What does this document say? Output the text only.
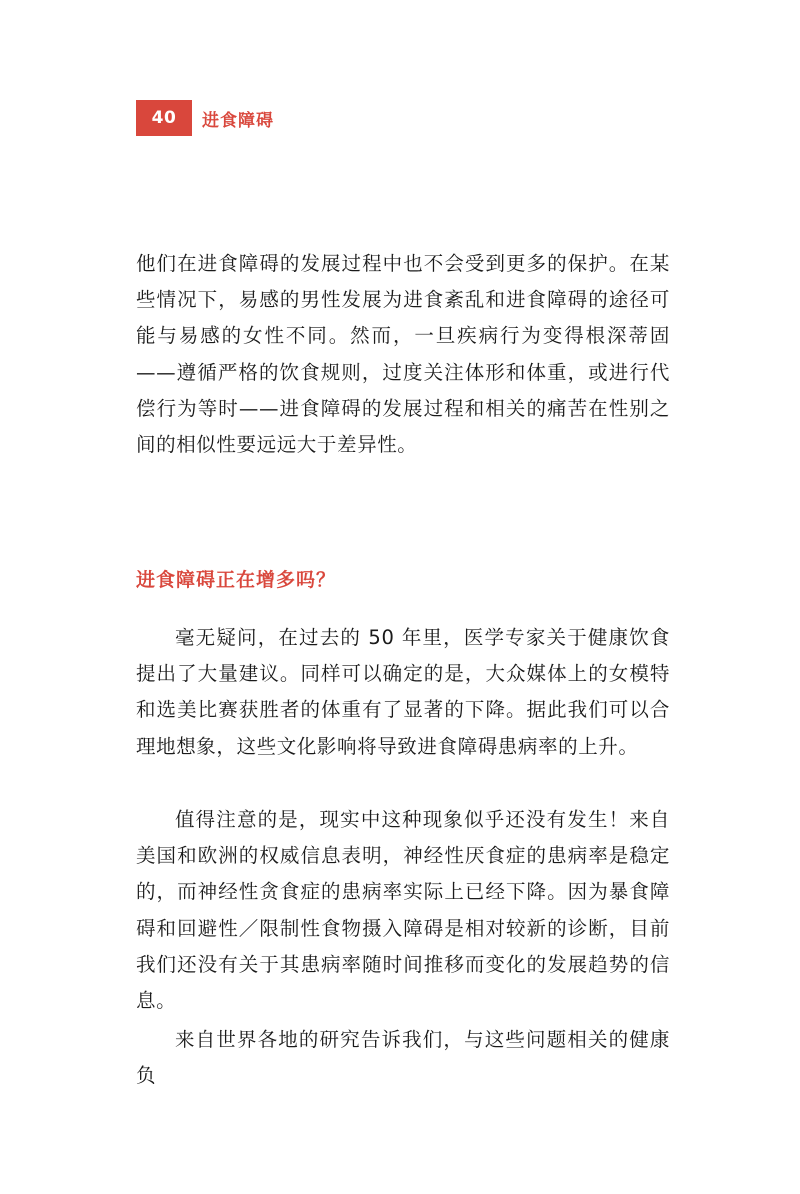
40	进食障碍

他们在进食障碍的发展过程中也不会受到更多的保护。在某些情况下，易感的男性发展为进食紊乱和进食障碍的途径可能与易感的女性不同。然而，一旦疾病行为变得根深蒂固——遵循严格的饮食规则，过度关注体形和体重，或进行代偿行为等时——进食障碍的发展过程和相关的痛苦在性别之间的相似性要远远大于差异性。

进食障碍正在增多吗？

毫无疑问，在过去的 50 年里，医学专家关于健康饮食提出了大量建议。同样可以确定的是，大众媒体上的女模特和选美比赛获胜者的体重有了显著的下降。据此我们可以合理地想象，这些文化影响将导致进食障碍患病率的上升。

值得注意的是，现实中这种现象似乎还没有发生！来自美国和欧洲的权威信息表明，神经性厌食症的患病率是稳定的，而神经性贪食症的患病率实际上已经下降。因为暴食障碍和回避性／限制性食物摄入障碍是相对较新的诊断，目前我们还没有关于其患病率随时间推移而变化的发展趋势的信息。

来自世界各地的研究告诉我们，与这些问题相关的健康负
